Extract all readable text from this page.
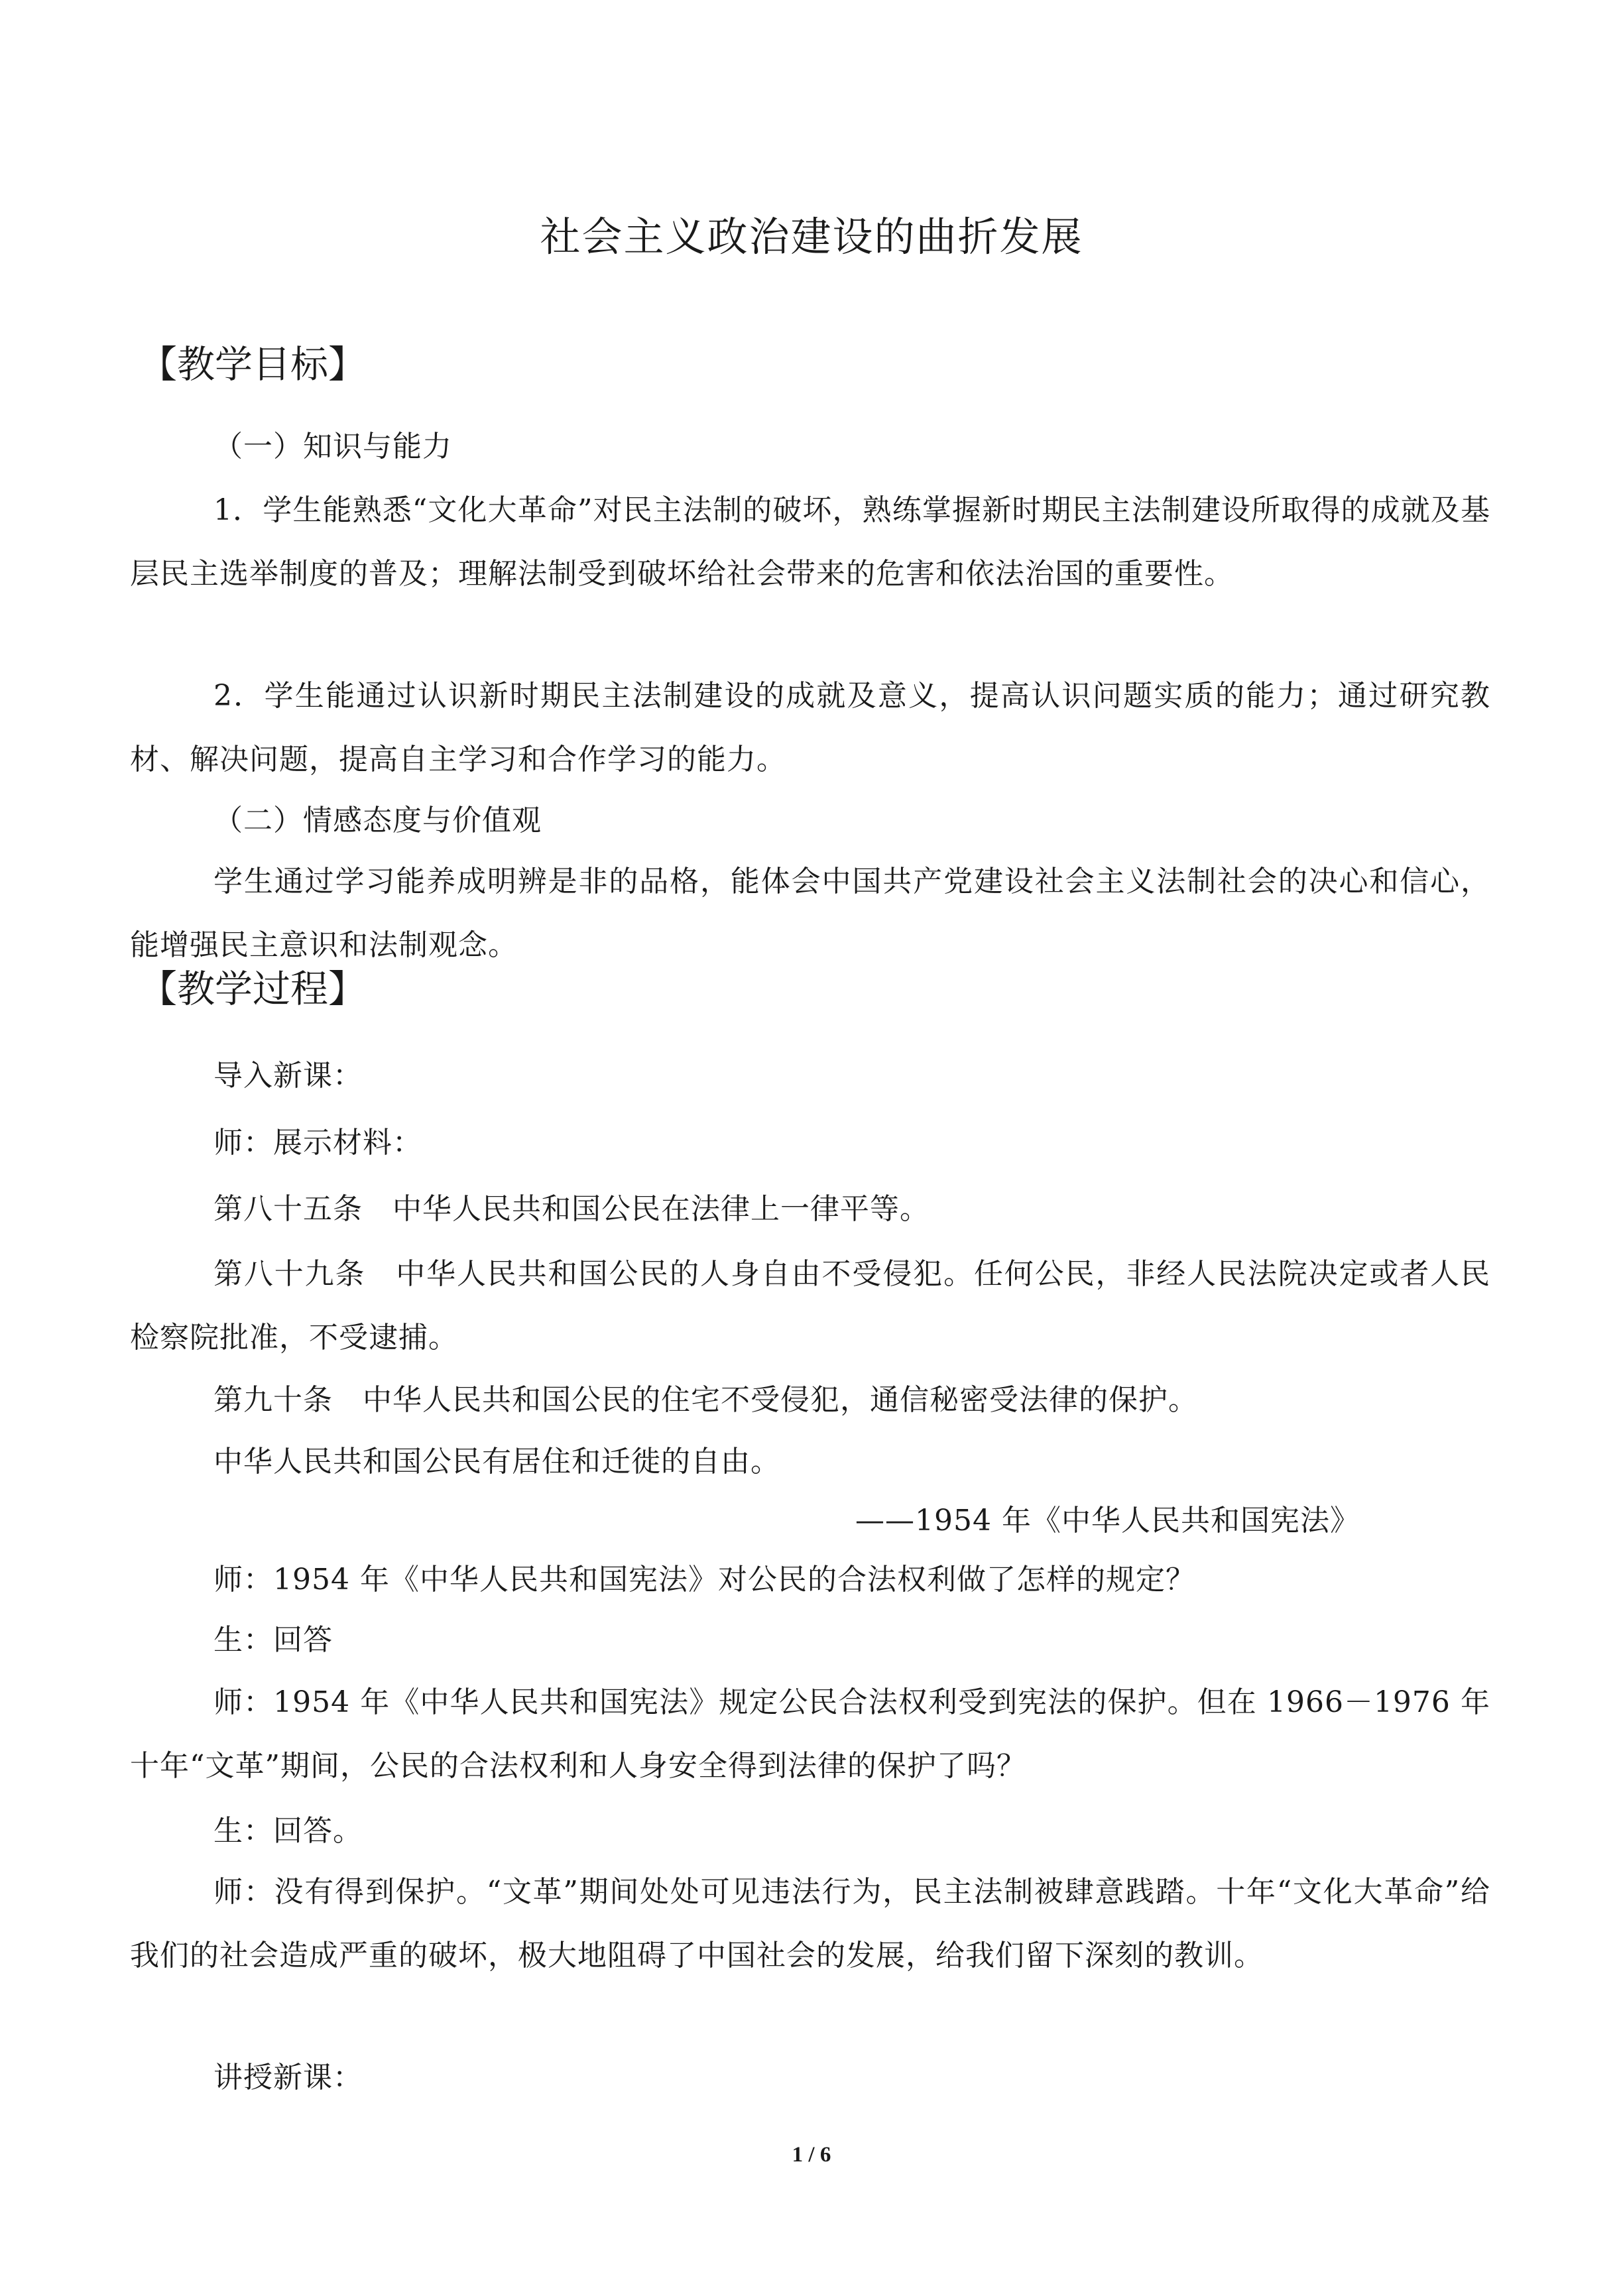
社会主义政治建设的曲折发展
【教学目标】
（一）知识与能力
1．学生能熟悉“文化大革命”对民主法制的破坏，熟练掌握新时期民主法制建设所取得的成就及基层民主选举制度的普及；理解法制受到破坏给社会带来的危害和依法治国的重要性。
2．学生能通过认识新时期民主法制建设的成就及意义，提高认识问题实质的能力；通过研究教材、解决问题，提高自主学习和合作学习的能力。
（二）情感态度与价值观
学生通过学习能养成明辨是非的品格，能体会中国共产党建设社会主义法制社会的决心和信心，能增强民主意识和法制观念。
【教学过程】
导入新课：
师：展示材料：
第八十五条　中华人民共和国公民在法律上一律平等。
第八十九条　中华人民共和国公民的人身自由不受侵犯。任何公民，非经人民法院决定或者人民检察院批准，不受逮捕。
第九十条　中华人民共和国公民的住宅不受侵犯，通信秘密受法律的保护。
中华人民共和国公民有居住和迁徙的自由。
——1954 年《中华人民共和国宪法》
师：1954 年《中华人民共和国宪法》对公民的合法权利做了怎样的规定？
生：回答
师：1954 年《中华人民共和国宪法》规定公民合法权利受到宪法的保护。但在 1966－1976 年十年“文革”期间，公民的合法权利和人身安全得到法律的保护了吗？
生：回答。
师：没有得到保护。“文革”期间处处可见违法行为，民主法制被肆意践踏。十年“文化大革命”给我们的社会造成严重的破坏，极大地阻碍了中国社会的发展，给我们留下深刻的教训。
讲授新课：
1 / 6
